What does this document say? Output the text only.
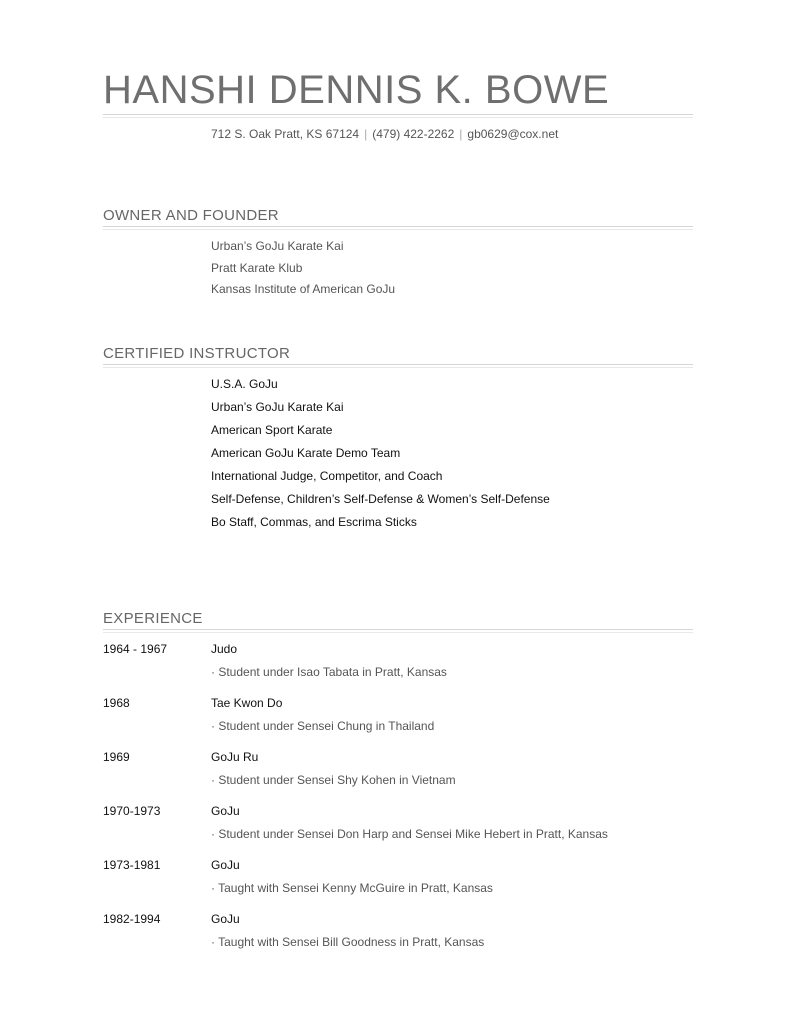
HANSHI DENNIS K. BOWE
712 S. Oak Pratt, KS 67124 | (479) 422-2262 | gb0629@cox.net
OWNER AND FOUNDER
Urban’s GoJu Karate Kai
Pratt Karate Klub
Kansas Institute of American GoJu
CERTIFIED INSTRUCTOR
U.S.A. GoJu
Urban’s GoJu Karate Kai
American Sport Karate
American GoJu Karate Demo Team
International Judge, Competitor, and Coach
Self-Defense, Children’s Self-Defense & Women’s Self-Defense
Bo Staff, Commas, and Escrima Sticks
EXPERIENCE
1964 - 1967	Judo
· Student under Isao Tabata in Pratt, Kansas
1968	Tae Kwon Do
· Student under Sensei Chung in Thailand
1969	GoJu Ru
· Student under Sensei Shy Kohen in Vietnam
1970-1973	GoJu
· Student under Sensei Don Harp and Sensei Mike Hebert in Pratt, Kansas
1973-1981	GoJu
· Taught with Sensei Kenny McGuire in Pratt, Kansas
1982-1994	GoJu
· Taught with Sensei Bill Goodness in Pratt, Kansas
